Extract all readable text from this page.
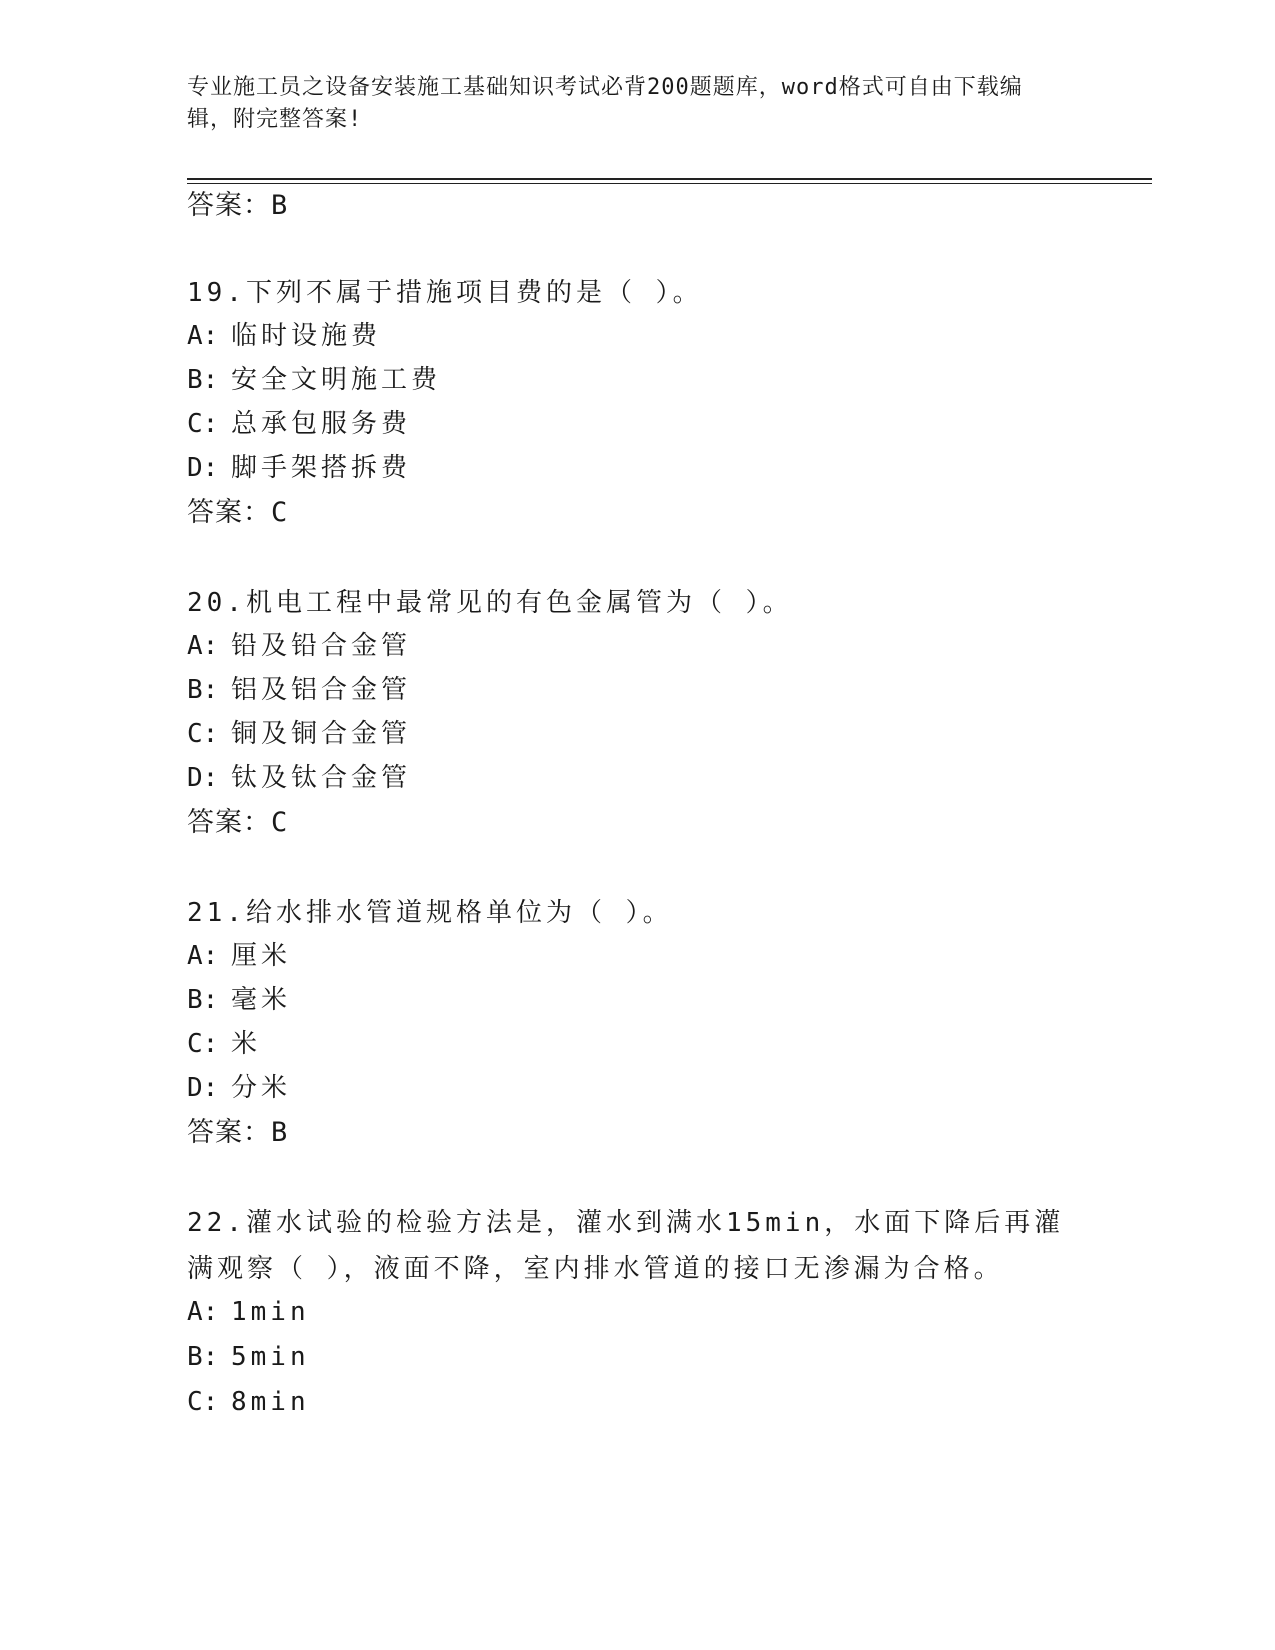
专业施工员之设备安装施工基础知识考试必背200题题库，word格式可自由下载编辑，附完整答案!
答案：B
19.下列不属于措施项目费的是（ ）。
A: 临时设施费
B: 安全文明施工费
C: 总承包服务费
D: 脚手架搭拆费
答案：C
20.机电工程中最常见的有色金属管为（ ）。
A: 铅及铅合金管
B: 铝及铝合金管
C: 铜及铜合金管
D: 钛及钛合金管
答案：C
21.给水排水管道规格单位为（ ）。
A: 厘米
B: 毫米
C: 米
D: 分米
答案：B
22.灌水试验的检验方法是，灌水到满水15min，水面下降后再灌满观察（ ），液面不降，室内排水管道的接口无渗漏为合格。
A: 1min
B: 5min
C: 8min
